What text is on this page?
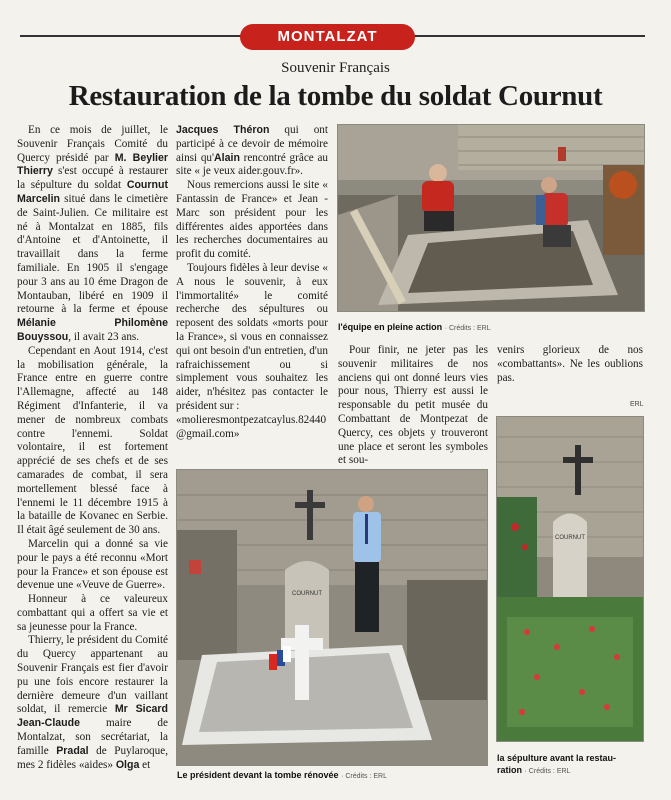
MONTALZAT
Souvenir Français
Restauration de la tombe du soldat Cournut

En ce mois de juillet, le Souvenir Français Comité du Quercy présidé par M. Beylier Thierry s'est occupé à restaurer la sépulture du soldat Cournut Marcelin situé dans le cimetière de Saint-Julien. Ce militaire est né à Montalzat en 1885, fils d'Antoine et d'Antoinette, il travaillait dans la ferme familiale. En 1905 il s'engage pour 3 ans au 10 éme Dragon de Montauban, libéré en 1909 il retourne à la ferme et épouse Mélanie Philomène Bouyssou, il avait 23 ans.

Cependant en Aout 1914, c'est la mobilisation générale, la France entre en guerre contre l'Allemagne, affecté au 148 Régiment d'Infanterie, il va mener de nombreux combats contre l'ennemi. Soldat volontaire, il est fortement apprécié de ses chefs et de ses camarades de combat, il sera mortellement blessé face à l'ennemi le 11 décembre 1915 à la bataille de Kovanec en Serbie. Il était âgé seulement de 30 ans.

Marcelin qui a donné sa vie pour le pays a été reconnu «Mort pour la France» et son épouse est devenue une «Veuve de Guerre».

Honneur à ce valeureux combattant qui a offert sa vie et sa jeunesse pour la France.

Thierry, le président du Comité du Quercy appartenant au Souvenir Français est fier d'avoir pu une fois encore restaurer la dernière demeure d'un vaillant soldat, il remercie Mr Sicard Jean-Claude maire de Montalzat, son secrétariat, la famille Pradal de Puylaroque, mes 2 fidèles «aides» Olga et

Jacques Théron qui ont participé à ce devoir de mémoire ainsi qu'Alain rencontré grâce au site « je veux aider.gouv.fr».

Nous remercions aussi le site « Fantassin de France» et Jean - Marc son président pour les différentes aides apportées dans les recherches documentaires au profit du comité.

Toujours fidèles à leur devise « A nous le souvenir, à eux l'immortalité» le comité recherche des sépultures ou reposent des soldats «morts pour la France», si vous en connaissez qui ont besoin d'un entretien, d'un rafraichissement ou si simplement vous souhaitez les aider, n'hésitez pas contacter le président sur :

«molieresmontpezatcaylus.82440@gmail.com»

Pour finir, ne jeter pas les souvenir militaires de nos anciens qui ont donné leurs vies pour nous, Thierry est aussi le responsable du petit musée du Combattant de Montpezat de Quercy, ces objets y trouveront une place et seront les symboles et sou-

venirs glorieux de nos «combattants». Ne les oublions pas.

l'équipe en pleine action · Crédits : ERL
COURNUT
Le président devant la tombe rénovée · Crédits : ERL
ERL
COURNUT
la sépulture avant la restau-
ration · Crédits : ERL
